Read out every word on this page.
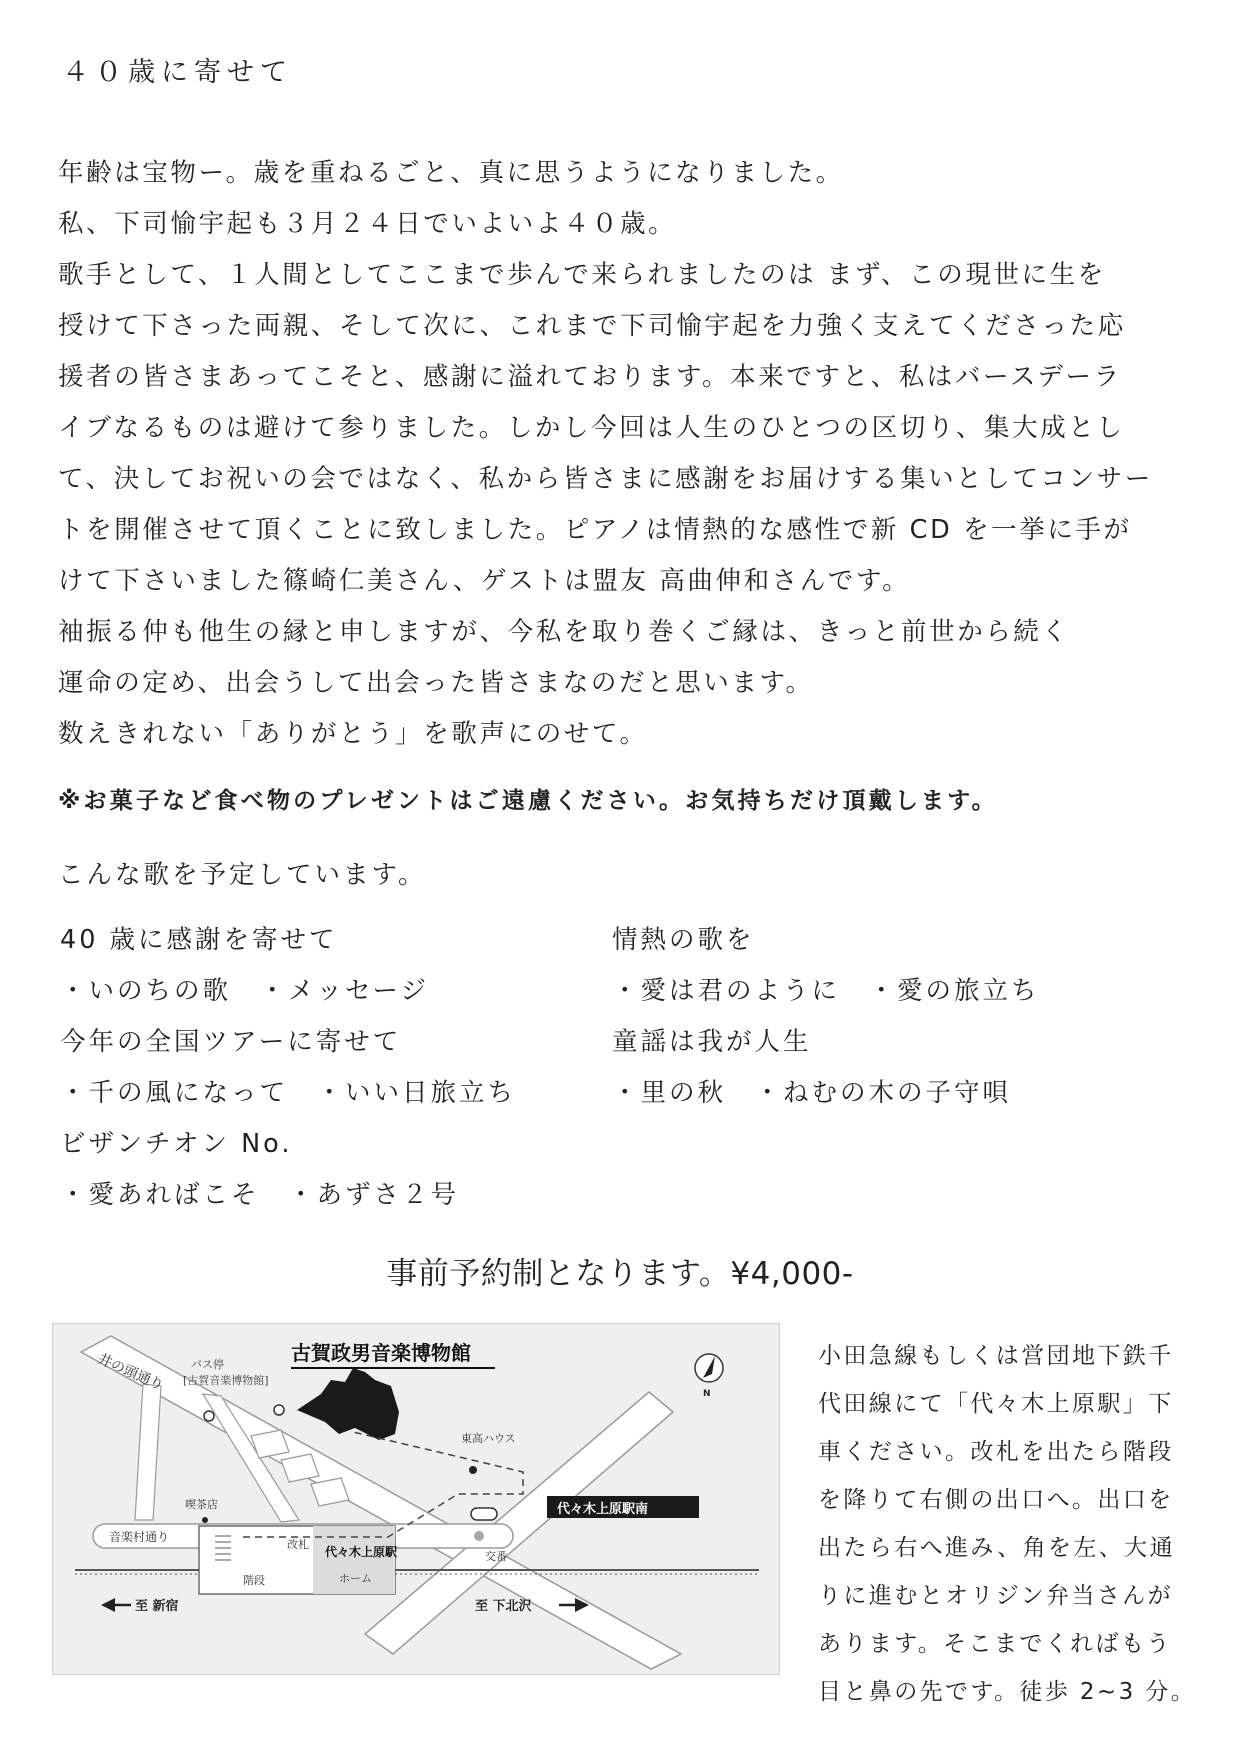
４０歳に寄せて
年齢は宝物ー。歳を重ねるごと、真に思うようになりました。
私、下司愉宇起も３月２４日でいよいよ４０歳。
歌手として、１人間としてここまで歩んで来られましたのは まず、この現世に生を
授けて下さった両親、そして次に、これまで下司愉宇起を力強く支えてくださった応
援者の皆さまあってこそと、感謝に溢れております。本来ですと、私はバースデーラ
イブなるものは避けて参りました。しかし今回は人生のひとつの区切り、集大成とし
て、決してお祝いの会ではなく、私から皆さまに感謝をお届けする集いとしてコンサー
トを開催させて頂くことに致しました。ピアノは情熱的な感性で新 CD を一挙に手が
けて下さいました篠崎仁美さん、ゲストは盟友 高曲伸和さんです。
袖振る仲も他生の縁と申しますが、今私を取り巻くご縁は、きっと前世から続く
運命の定め、出会うして出会った皆さまなのだと思います。
数えきれない「ありがとう」を歌声にのせて。
※お菓子など食べ物のプレゼントはご遠慮ください。お気持ちだけ頂戴します。
こんな歌を予定しています。
40 歳に感謝を寄せて
・いのちの歌　・メッセージ
今年の全国ツアーに寄せて
・千の風になって　・いい日旅立ち
ビザンチオン No.
・愛あればこそ　・あずさ２号
情熱の歌を
・愛は君のように　・愛の旅立ち
童謡は我が人生
・里の秋　・ねむの木の子守唄
事前予約制となります。¥4,000-
古賀政男音楽博物館
バス停
[古賀音楽博物館]
井の頭通り
音楽村通り
東高ハウス
喫茶店
交番
改札
階段
代々木上原駅
ホーム
代々木上原駅南
至 新宿	至 下北沢
N
小田急線もしくは営団地下鉄千
代田線にて「代々木上原駅」下
車ください。改札を出たら階段
を降りて右側の出口へ。出口を
出たら右へ進み、角を左、大通
りに進むとオリジン弁当さんが
あります。そこまでくればもう
目と鼻の先です。徒歩 2~3 分。
